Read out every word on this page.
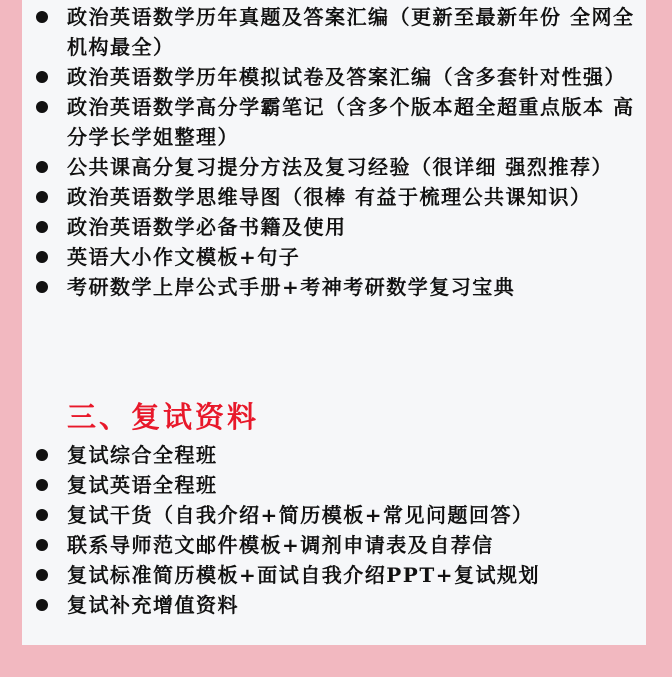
政治英语数学历年真题及答案汇编（更新至最新年份 全网全机构最全）
政治英语数学历年模拟试卷及答案汇编（含多套针对性强）
政治英语数学高分学霸笔记（含多个版本超全超重点版本 高分学长学姐整理）
公共课高分复习提分方法及复习经验（很详细 强烈推荐）
政治英语数学思维导图（很棒 有益于梳理公共课知识）
政治英语数学必备书籍及使用
英语大小作文模板+句子
考研数学上岸公式手册+考神考研数学复习宝典
三、复试资料
复试综合全程班
复试英语全程班
复试干货（自我介绍+简历模板+常见问题回答）
联系导师范文邮件模板+调剂申请表及自荐信
复试标准简历模板+面试自我介绍PPT+复试规划
复试补充增值资料
